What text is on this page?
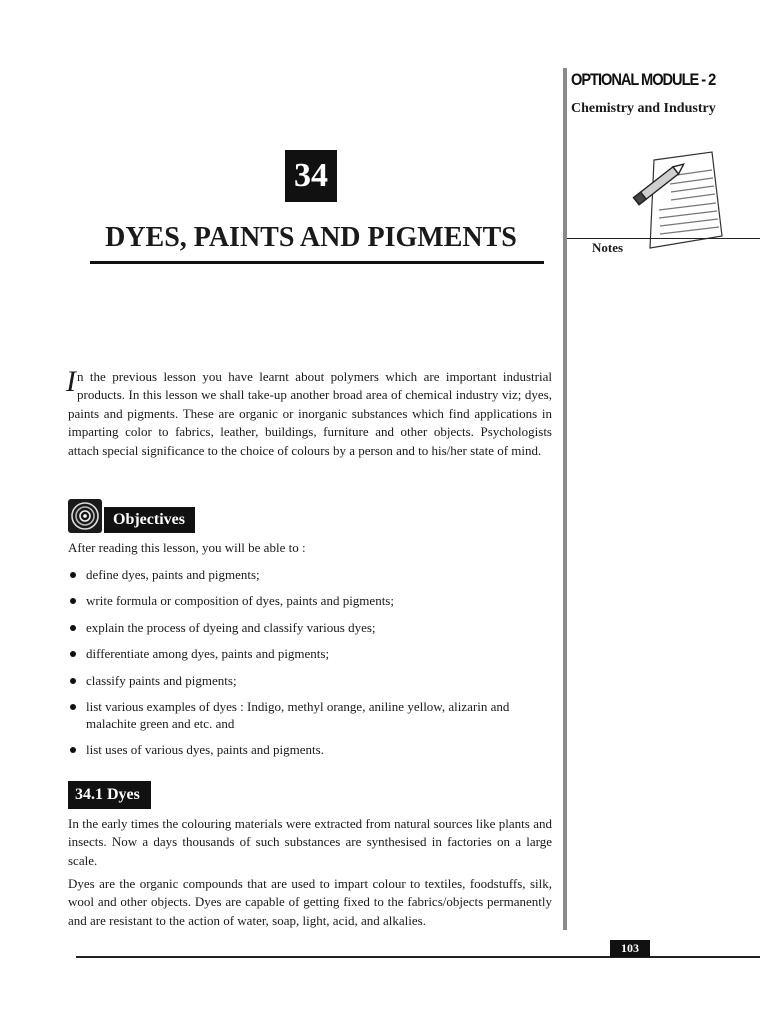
OPTIONAL MODULE - 2
Chemistry and Industry
Notes
34
DYES, PAINTS AND PIGMENTS

In the previous lesson you have learnt about polymers which are important industrial products. In this lesson we shall take-up another broad area of chemical industry viz; dyes, paints and pigments. These are organic or inorganic substances which find applications in imparting color to fabrics, leather, buildings, furniture and other objects. Psychologists attach special significance to the choice of colours by a person and to his/her state of mind.

Objectives
After reading this lesson, you will be able to :
define dyes, paints and pigments;
write formula or composition of dyes, paints and pigments;
explain the process of dyeing and classify various dyes;
differentiate among dyes, paints and pigments;
classify paints and pigments;
list various examples of dyes : Indigo, methyl orange, aniline yellow, alizarin and malachite green and etc. and
list uses of various dyes, paints and pigments.
34.1 Dyes

In the early times the colouring materials were extracted from natural sources like plants and insects. Now a days thousands of such substances are synthesised in factories on a large scale.

Dyes are the organic compounds that are used to impart colour to textiles, foodstuffs, silk, wool and other objects. Dyes are capable of getting fixed to the fabrics/objects permanently and are resistant to the action of water, soap, light, acid, and alkalies.

103
